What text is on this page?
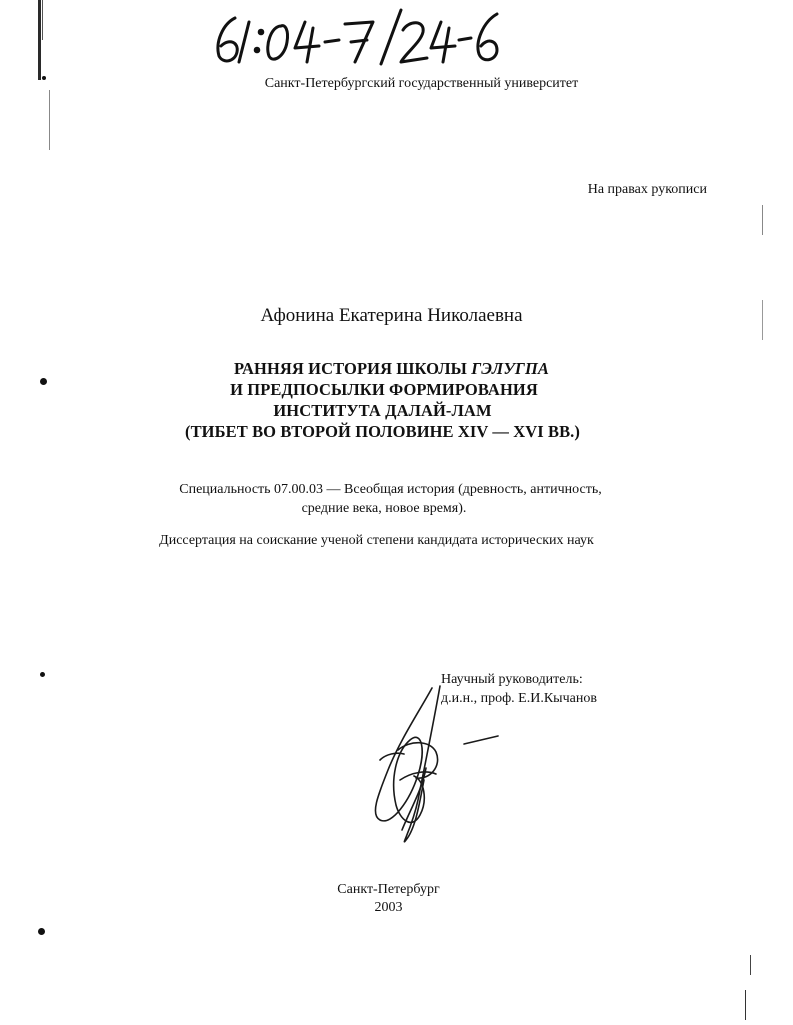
Санкт-Петербургский государственный университет
На правах рукописи
Афонина Екатерина Николаевна
РАННЯЯ ИСТОРИЯ ШКОЛЫ ГЭЛУГПА
И ПРЕДПОСЫЛКИ ФОРМИРОВАНИЯ
ИНСТИТУТА ДАЛАЙ-ЛАМ
(ТИБЕТ ВО ВТОРОЙ ПОЛОВИНЕ XIV — XVI ВВ.)
Специальность 07.00.03 — Всеобщая история (древность, античность,
средние века, новое время).
Диссертация на соискание ученой степени кандидата исторических наук
Научный руководитель:
д.и.н., проф. Е.И.Кычанов
Санкт-Петербург
2003
